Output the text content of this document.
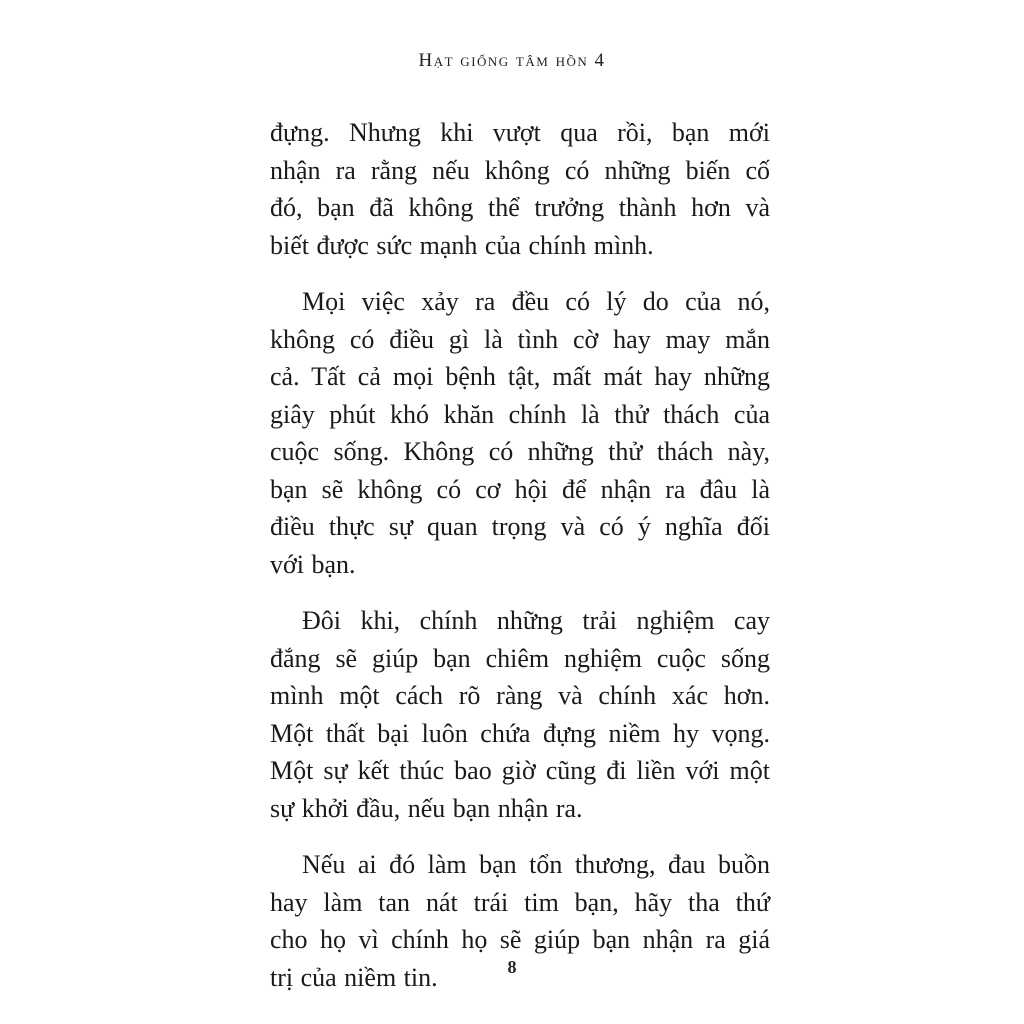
Hạt giống tâm hồn 4

đựng. Nhưng khi vượt qua rồi, bạn mới
nhận ra rằng nếu không có những biến cố
đó, bạn đã không thể trưởng thành hơn và
biết được sức mạnh của chính mình.

Mọi việc xảy ra đều có lý do của nó,
không có điều gì là tình cờ hay may mắn
cả. Tất cả mọi bệnh tật, mất mát hay những
giây phút khó khăn chính là thử thách của
cuộc sống. Không có những thử thách này,
bạn sẽ không có cơ hội để nhận ra đâu là
điều thực sự quan trọng và có ý nghĩa đối
với bạn.

Đôi khi, chính những trải nghiệm cay
đắng sẽ giúp bạn chiêm nghiệm cuộc sống
mình một cách rõ ràng và chính xác hơn.
Một thất bại luôn chứa đựng niềm hy vọng.
Một sự kết thúc bao giờ cũng đi liền với một
sự khởi đầu, nếu bạn nhận ra.

Nếu ai đó làm bạn tổn thương, đau buồn
hay làm tan nát trái tim bạn, hãy tha thứ
cho họ vì chính họ sẽ giúp bạn nhận ra giá
trị của niềm tin.	8
